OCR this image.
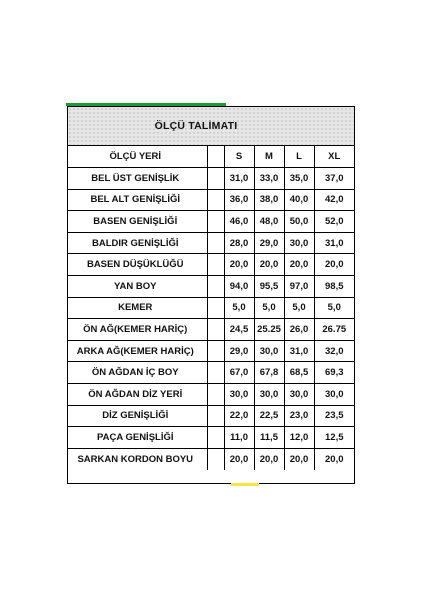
ÖLÇÜ TALİMATI
ÖLÇÜ YERİ		S	M	L	XL
BEL ÜST GENİŞLİK		31,0	33,0	35,0	37,0
BEL ALT GENİŞLİĞİ		36,0	38,0	40,0	42,0
BASEN GENİŞLİĞİ		46,0	48,0	50,0	52,0
BALDIR GENİŞLİĞİ		28,0	29,0	30,0	31,0
BASEN DÜŞÜKLÜĞÜ		20,0	20,0	20,0	20,0
YAN BOY		94,0	95,5	97,0	98,5
KEMER		5,0	5,0	5,0	5,0
ÖN AĞ(KEMER HARİÇ)		24,5	25.25	26,0	26.75
ARKA AĞ(KEMER HARİÇ)		29,0	30,0	31,0	32,0
ÖN AĞDAN İÇ BOY		67,0	67,8	68,5	69,3
ÖN AĞDAN DİZ YERİ		30,0	30,0	30,0	30,0
DİZ GENİŞLİĞİ		22,0	22,5	23,0	23,5
PAÇA GENİŞLİĞİ		11,0	11,5	12,0	12,5
SARKAN KORDON BOYU		20,0	20,0	20,0	20,0
